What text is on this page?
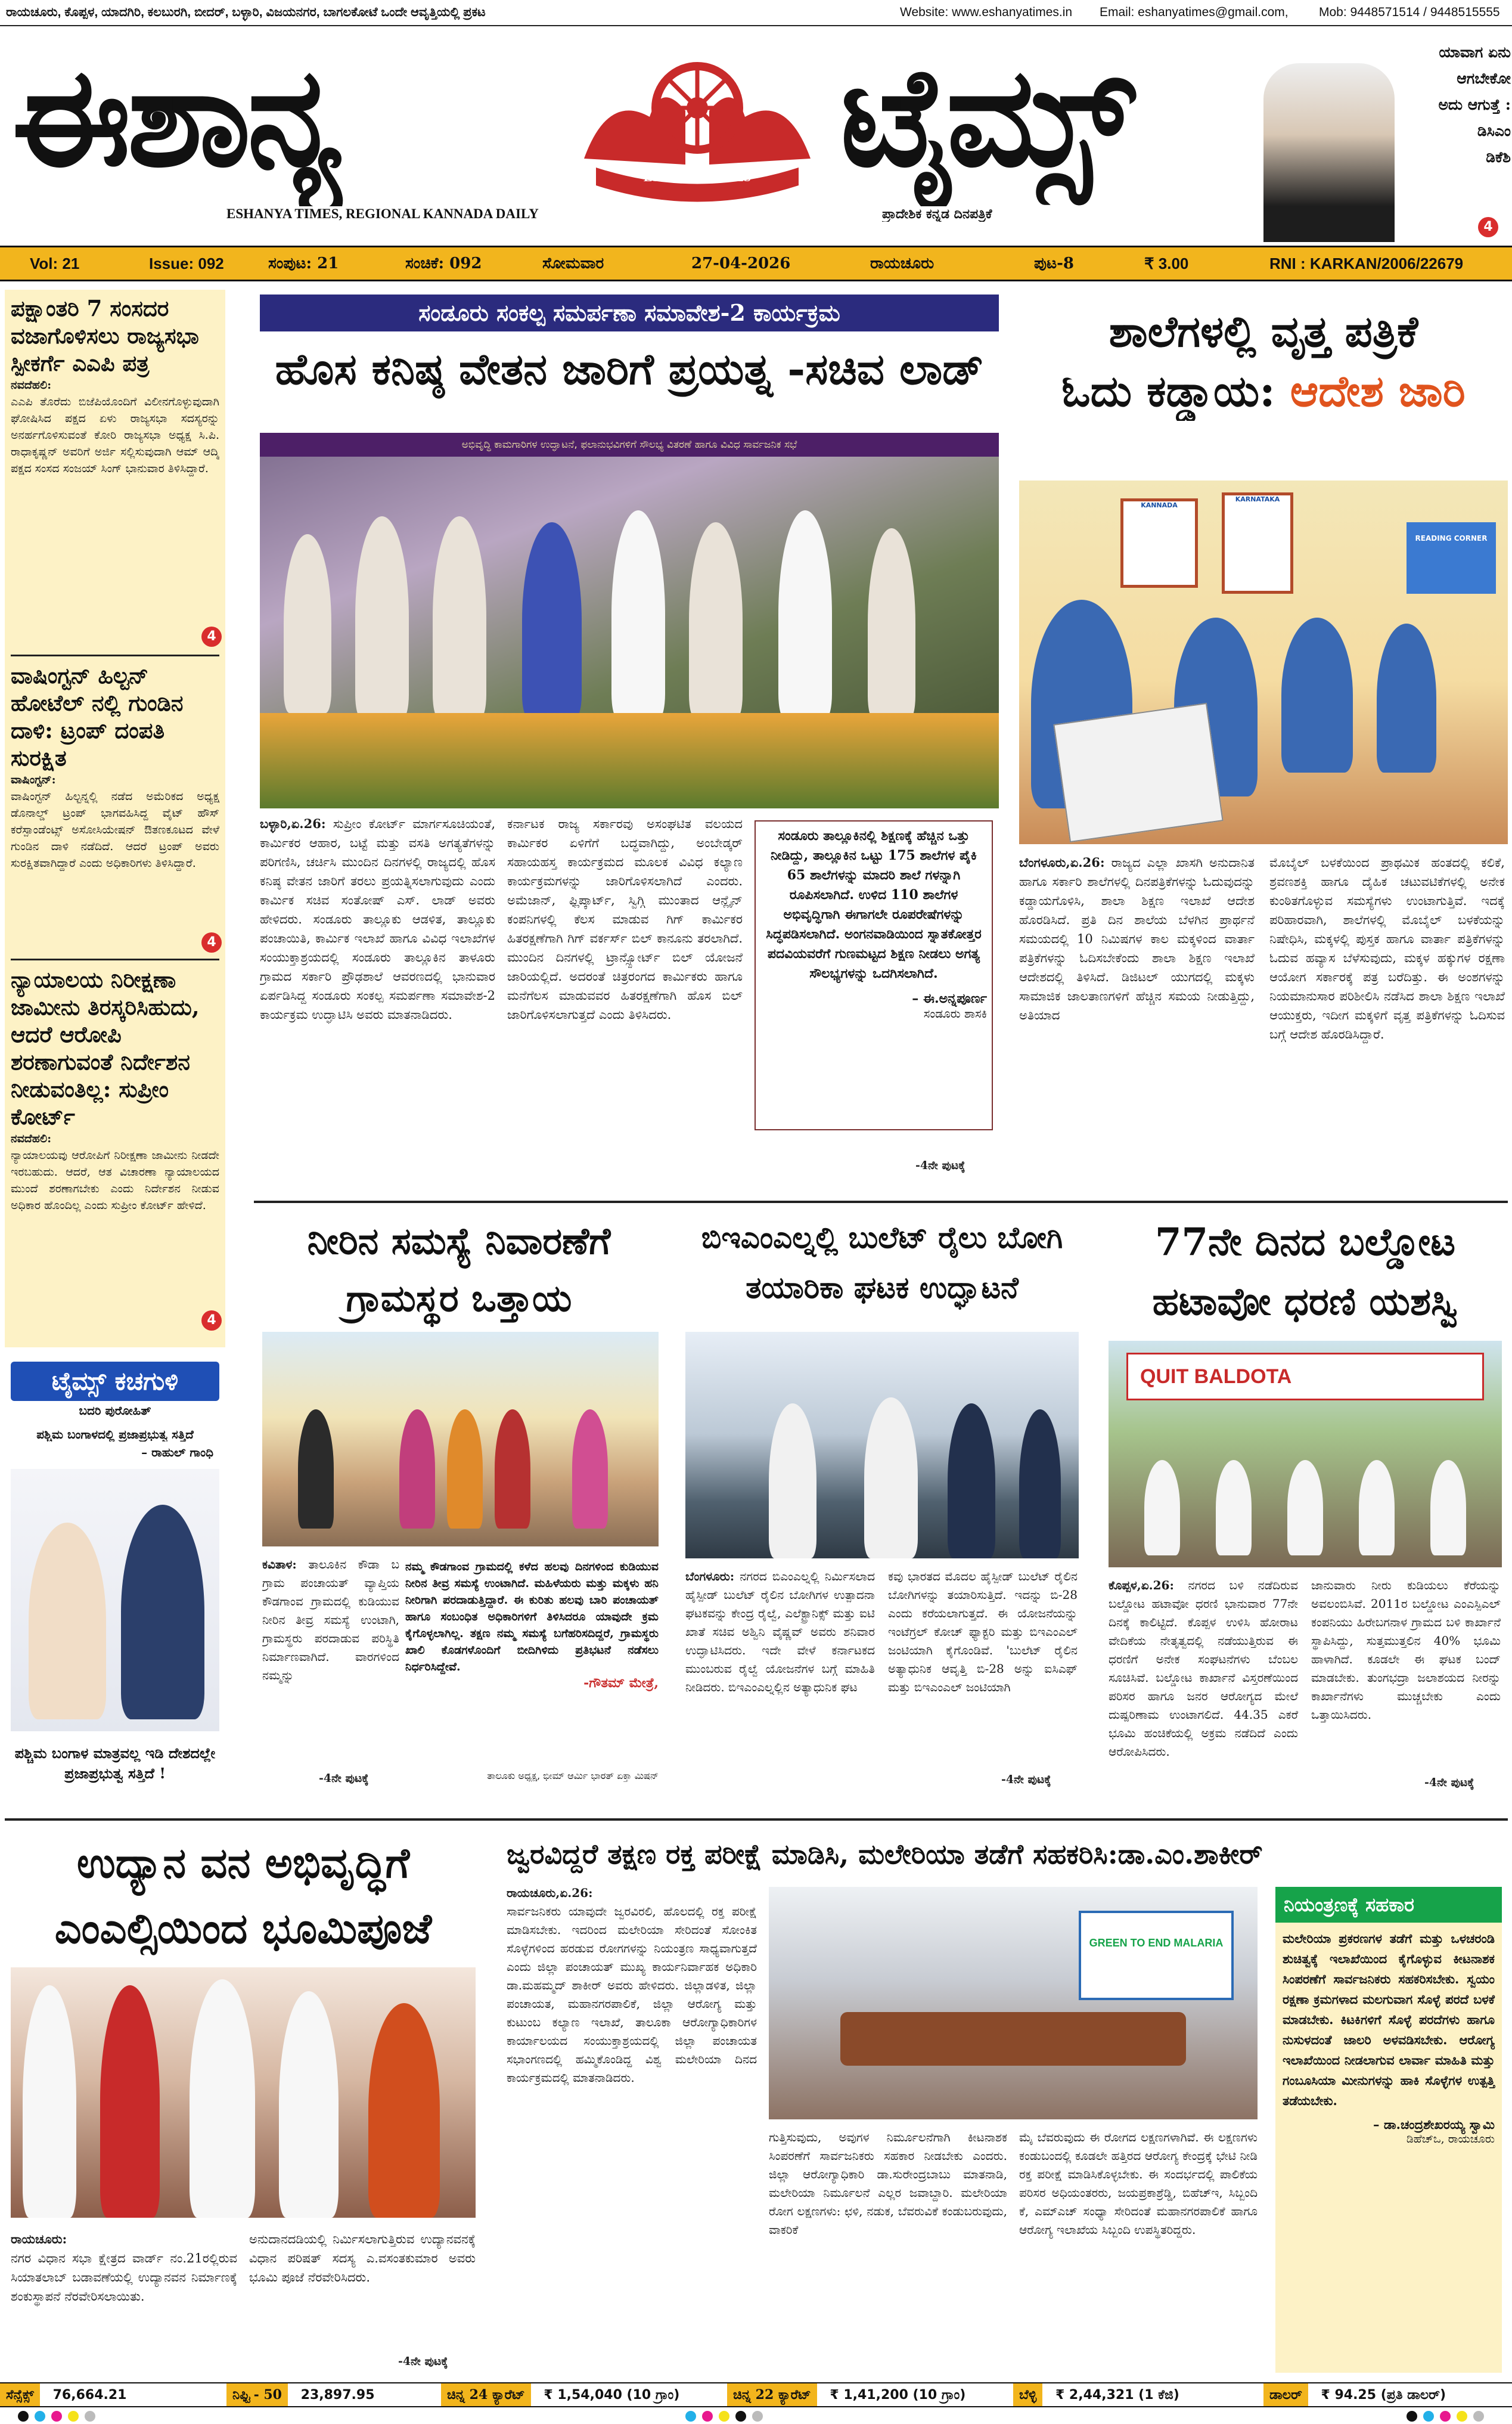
ರಾಯಚೂರು, ಕೊಪ್ಪಳ, ಯಾದಗಿರಿ, ಕಲಬುರಗಿ, ಬೀದರ್, ಬಳ್ಳಾರಿ, ವಿಜಯನಗರ, ಬಾಗಲಕೋಟೆ ಒಂದೇ ಆವೃತ್ತಿಯಲ್ಲಿ ಪ್ರಕಟ	Website: www.eshanyatimes.in	Email: eshanyatimes@gmail.com,	Mob: 9448571514 / 9448515555
ಈಶಾನ್ಯ	ESHANYA TIMES ಟೈಮ್ಸ್
ESHANYA TIMES, REGIONAL KANNADA DAILY	ಪ್ರಾದೇಶಿಕ ಕನ್ನಡ ದಿನಪತ್ರಿಕೆ
ಯಾವಾಗ ಏನು
ಆಗಬೇಕೋ
ಅದು ಆಗುತ್ತೆ :
ಡಿಸಿಎಂ
ಡಿಕೆಶಿ
4
Vol: 21	Issue: 092	ಸಂಪುಟ: 21	ಸಂಚಿಕೆ: 092	ಸೋಮವಾರ	27-04-2026	ರಾಯಚೂರು	ಪುಟ-8	₹ 3.00	RNI : KARKAN/2006/22679
ಪಕ್ಷಾಂತರಿ 7 ಸಂಸದರ ವಜಾಗೊಳಿಸಲು ರಾಜ್ಯಸಭಾ ಸ್ಪೀಕರ್ಗೆ ಎಎಪಿ ಪತ್ರ
ನವದೆಹಲಿ:
ಎಎಪಿ ತೊರೆದು ಬಿಜೆಪಿಯೊಂದಿಗೆ ವಿಲೀನಗೊಳ್ಳುವುದಾಗಿ ಘೋಷಿಸಿದ ಪಕ್ಷದ ಏಳು ರಾಜ್ಯಸಭಾ ಸದಸ್ಯರನ್ನು ಅನರ್ಹಗೊಳಿಸುವಂತೆ ಕೋರಿ ರಾಜ್ಯಸಭಾ ಅಧ್ಯಕ್ಷ ಸಿ.ಪಿ. ರಾಧಾಕೃಷ್ಣನ್ ಅವರಿಗೆ ಅರ್ಜಿ ಸಲ್ಲಿಸುವುದಾಗಿ ಆಮ್ ಆದ್ಮಿ ಪಕ್ಷದ ಸಂಸದ ಸಂಜಯ್ ಸಿಂಗ್ ಭಾನುವಾರ ತಿಳಿಸಿದ್ದಾರೆ.
4
ವಾಷಿಂಗ್ಟನ್ ಹಿಲ್ಟನ್ ಹೋಟೆಲ್ ನಲ್ಲಿ ಗುಂಡಿನ ದಾಳಿ: ಟ್ರಂಪ್ ದಂಪತಿ ಸುರಕ್ಷಿತ
ವಾಷಿಂಗ್ಟನ್:
ವಾಷಿಂಗ್ಟನ್ ಹಿಲ್ಟನ್ನಲ್ಲಿ ನಡೆದ ಅಮೆರಿಕದ ಅಧ್ಯಕ್ಷ ಡೊನಾಲ್ಡ್ ಟ್ರಂಪ್ ಭಾಗವಹಿಸಿದ್ದ ವೈಟ್ ಹೌಸ್ ಕರೆಸ್ಪಾಂಡೆಂಟ್ಸ್ ಅಸೋಸಿಯೇಷನ್ ಔತಣಕೂಟದ ವೇಳೆ ಗುಂಡಿನ ದಾಳಿ ನಡೆದಿದೆ. ಆದರೆ ಟ್ರಂಪ್ ಅವರು ಸುರಕ್ಷಿತವಾಗಿದ್ದಾರೆ ಎಂದು ಅಧಿಕಾರಿಗಳು ತಿಳಿಸಿದ್ದಾರೆ.
4
ನ್ಯಾಯಾಲಯ ನಿರೀಕ್ಷಣಾ ಜಾಮೀನು ತಿರಸ್ಕರಿಸಿಹುದು, ಆದರೆ ಆರೋಪಿ ಶರಣಾಗುವಂತೆ ನಿರ್ದೇಶನ ನೀಡುವಂತಿಲ್ಲ: ಸುಪ್ರೀಂ ಕೋರ್ಟ್
ನವದೆಹಲಿ:
ನ್ಯಾಯಾಲಯವು ಆರೋಪಿಗೆ ನಿರೀಕ್ಷಣಾ ಜಾಮೀನು ನೀಡದೇ ಇರಬಹುದು. ಆದರೆ, ಆತ ವಿಚಾರಣಾ ನ್ಯಾಯಾಲಯದ ಮುಂದೆ ಶರಣಾಗಬೇಕು ಎಂದು ನಿರ್ದೇಶನ ನೀಡುವ ಅಧಿಕಾರ ಹೊಂದಿಲ್ಲ ಎಂದು ಸುಪ್ರೀಂ ಕೋರ್ಟ್ ಹೇಳಿದೆ.
4
ಟೈಮ್ಸ್ ಕಚಗುಳಿ
ಬದರಿ ಪುರೋಹಿತ್
ಪಶ್ಚಿಮ ಬಂಗಾಳದಲ್ಲಿ ಪ್ರಜಾಪ್ರಭುತ್ವ ಸತ್ತಿದೆ
– ರಾಹುಲ್ ಗಾಂಧಿ
ಪಶ್ಚಿಮ ಬಂಗಾಳ ಮಾತ್ರವಲ್ಲ ಇಡಿ ದೇಶದಲ್ಲೇ ಪ್ರಜಾಪ್ರಭುತ್ವ ಸತ್ತಿದೆ !
ಸಂಡೂರು ಸಂಕಲ್ಪ ಸಮರ್ಪಣಾ ಸಮಾವೇಶ-2 ಕಾರ್ಯಕ್ರಮ
ಹೊಸ ಕನಿಷ್ಠ ವೇತನ ಜಾರಿಗೆ ಪ್ರಯತ್ನ -ಸಚಿವ ಲಾಡ್
ಅಭಿವೃದ್ಧಿ ಕಾಮಗಾರಿಗಳ ಉದ್ಘಾಟನೆ, ಫಲಾನುಭವಿಗಳಿಗೆ ಸೌಲಭ್ಯ ವಿತರಣೆ ಹಾಗೂ ವಿವಿಧ ಸಾರ್ವಜನಿಕ ಸಭೆ
ಬಳ್ಳಾರಿ,ಏ.26: ಸುಪ್ರೀಂ ಕೋರ್ಟ್ ಮಾರ್ಗಸೂಚಿಯಂತೆ, ಕಾರ್ಮಿಕರ ಆಹಾರ, ಬಟ್ಟೆ ಮತ್ತು ವಸತಿ ಅಗತ್ಯತೆಗಳನ್ನು ಪರಿಗಣಿಸಿ, ಚರ್ಚಿಸಿ ಮುಂದಿನ ದಿನಗಳಲ್ಲಿ ರಾಜ್ಯದಲ್ಲಿ ಹೊಸ ಕನಿಷ್ಠ ವೇತನ ಜಾರಿಗೆ ತರಲು ಪ್ರಯತ್ನಿಸಲಾಗುವುದು ಎಂದು ಕಾರ್ಮಿಕ ಸಚಿವ ಸಂತೋಷ್ ಎಸ್. ಲಾಡ್ ಅವರು ಹೇಳಿದರು. ಸಂಡೂರು ತಾಲ್ಲೂಕು ಆಡಳಿತ, ತಾಲ್ಲೂಕು ಪಂಚಾಯಿತಿ, ಕಾರ್ಮಿಕ ಇಲಾಖೆ ಹಾಗೂ ವಿವಿಧ ಇಲಾಖೆಗಳ ಸಂಯುಕ್ತಾಶ್ರಯದಲ್ಲಿ ಸಂಡೂರು ತಾಲ್ಲೂಕಿನ ತಾಳೂರು ಗ್ರಾಮದ ಸರ್ಕಾರಿ ಪ್ರೌಢಶಾಲೆ ಆವರಣದಲ್ಲಿ ಭಾನುವಾರ ಏರ್ಪಡಿಸಿದ್ದ ಸಂಡೂರು ಸಂಕಲ್ಪ ಸಮರ್ಪಣಾ ಸಮಾವೇಶ-2 ಕಾರ್ಯಕ್ರಮ ಉದ್ಘಾಟಿಸಿ ಅವರು ಮಾತನಾಡಿದರು.
ಕರ್ನಾಟಕ ರಾಜ್ಯ ಸರ್ಕಾರವು ಅಸಂಘಟಿತ ವಲಯದ ಕಾರ್ಮಿಕರ ಏಳಿಗೆಗೆ ಬದ್ಧವಾಗಿದ್ದು, ಅಂಬೇಡ್ಕರ್ ಸಹಾಯಹಸ್ತ ಕಾರ್ಯಕ್ರಮದ ಮೂಲಕ ವಿವಿಧ ಕಲ್ಯಾಣ ಕಾರ್ಯಕ್ರಮಗಳನ್ನು ಜಾರಿಗೊಳಿಸಲಾಗಿದೆ ಎಂದರು. ಅಮೆಜಾನ್, ಫ್ಲಿಪ್ಕಾರ್ಟ್, ಸ್ವಿಗ್ಗಿ ಮುಂತಾದ ಆನ್ಲೈನ್ ಕಂಪನಿಗಳಲ್ಲಿ ಕೆಲಸ ಮಾಡುವ ಗಿಗ್ ಕಾರ್ಮಿಕರ ಹಿತರಕ್ಷಣೆಗಾಗಿ ಗಿಗ್ ವರ್ಕರ್ಸ್ ಬಿಲ್ ಕಾನೂನು ತರಲಾಗಿದೆ. ಮುಂದಿನ ದಿನಗಳಲ್ಲಿ ಟ್ರಾನ್ಸ್ಪೋರ್ಟ್ ಬಿಲ್ ಯೋಜನೆ ಜಾರಿಯಲ್ಲಿದೆ. ಅದರಂತೆ ಚಿತ್ರರಂಗದ ಕಾರ್ಮಿಕರು ಹಾಗೂ ಮನೆಗೆಲಸ ಮಾಡುವವರ ಹಿತರಕ್ಷಣೆಗಾಗಿ ಹೊಸ ಬಿಲ್ ಜಾರಿಗೊಳಿಸಲಾಗುತ್ತದೆ ಎಂದು ತಿಳಿಸಿದರು.
ಸಂಡೂರು ತಾಲ್ಲೂಕಿನಲ್ಲಿ ಶಿಕ್ಷಣಕ್ಕೆ ಹೆಚ್ಚಿನ ಒತ್ತು ನೀಡಿದ್ದು, ತಾಲ್ಲೂಕಿನ ಒಟ್ಟು 175 ಶಾಲೆಗಳ ಪೈಕಿ 65 ಶಾಲೆಗಳನ್ನು ಮಾದರಿ ಶಾಲೆ ಗಳನ್ನಾಗಿ ರೂಪಿಸಲಾಗಿದೆ. ಉಳಿದ 110 ಶಾಲೆಗಳ ಅಭಿವೃದ್ಧಿಗಾಗಿ ಈಗಾಗಲೇ ರೂಪರೇಷೆಗಳನ್ನು ಸಿದ್ಧಪಡಿಸಲಾಗಿದೆ. ಅಂಗನವಾಡಿಯಿಂದ ಸ್ನಾತಕೋತ್ತರ ಪದವಿಯವರೆಗೆ ಗುಣಮಟ್ಟದ ಶಿಕ್ಷಣ ನೀಡಲು ಅಗತ್ಯ ಸೌಲಭ್ಯಗಳನ್ನು ಒದಗಿಸಲಾಗಿದೆ.
– ಈ.ಅನ್ನಪೂರ್ಣ
ಸಂಡೂರು ಶಾಸಕಿ
-4ನೇ ಪುಟಕ್ಕೆ
ಶಾಲೆಗಳಲ್ಲಿ ವೃತ್ತ ಪತ್ರಿಕೆ
ಓದು ಕಡ್ಡಾಯ: ಆದೇಶ ಜಾರಿ
KANNADA
KARNATAKA
READING CORNER
ಬೆಂಗಳೂರು,ಏ.26: ರಾಜ್ಯದ ಎಲ್ಲಾ ಖಾಸಗಿ ಅನುದಾನಿತ ಹಾಗೂ ಸರ್ಕಾರಿ ಶಾಲೆಗಳಲ್ಲಿ ದಿನಪತ್ರಿಕೆಗಳನ್ನು ಓದುವುದನ್ನು ಕಡ್ಡಾಯಗೊಳಿಸಿ, ಶಾಲಾ ಶಿಕ್ಷಣ ಇಲಾಖೆ ಆದೇಶ ಹೊರಡಿಸಿದೆ. ಪ್ರತಿ ದಿನ ಶಾಲೆಯ ಬೆಳಗಿನ ಪ್ರಾರ್ಥನೆ ಸಮಯದಲ್ಲಿ 10 ನಿಮಿಷಗಳ ಕಾಲ ಮಕ್ಕಳಿಂದ ವಾರ್ತಾ ಪತ್ರಿಕೆಗಳನ್ನು ಓದಿಸಬೇಕೆಂದು ಶಾಲಾ ಶಿಕ್ಷಣ ಇಲಾಖೆ ಆದೇಶದಲ್ಲಿ ತಿಳಿಸಿದೆ. ಡಿಜಿಟಲ್ ಯುಗದಲ್ಲಿ ಮಕ್ಕಳು ಸಾಮಾಜಿಕ ಜಾಲತಾಣಗಳಿಗೆ ಹೆಚ್ಚಿನ ಸಮಯ ನೀಡುತ್ತಿದ್ದು, ಅತಿಯಾದ
ಮೊಬೈಲ್ ಬಳಕೆಯಿಂದ ಪ್ರಾಥಮಿಕ ಹಂತದಲ್ಲಿ ಕಲಿಕೆ, ಶ್ರವಣಶಕ್ತಿ ಹಾಗೂ ದೈಹಿಕ ಚಟುವಟಿಕೆಗಳಲ್ಲಿ ಅನೇಕ ಕುಂಠಿತಗೊಳ್ಳುವ ಸಮಸ್ಯೆಗಳು ಉಂಟಾಗುತ್ತಿವೆ. ಇದಕ್ಕೆ ಪರಿಹಾರವಾಗಿ, ಶಾಲೆಗಳಲ್ಲಿ ಮೊಬೈಲ್ ಬಳಕೆಯನ್ನು ನಿಷೇಧಿಸಿ, ಮಕ್ಕಳಲ್ಲಿ ಪುಸ್ತಕ ಹಾಗೂ ವಾರ್ತಾ ಪತ್ರಿಕೆಗಳನ್ನು ಓದುವ ಹವ್ಯಾಸ ಬೆಳೆಸುವುದು, ಮಕ್ಕಳ ಹಕ್ಕುಗಳ ರಕ್ಷಣಾ ಆಯೋಗ ಸರ್ಕಾರಕ್ಕೆ ಪತ್ರ ಬರೆದಿತ್ತು. ಈ ಅಂಶಗಳನ್ನು ನಿಯಮಾನುಸಾರ ಪರಿಶೀಲಿಸಿ ನಡೆಸಿದ ಶಾಲಾ ಶಿಕ್ಷಣ ಇಲಾಖೆ ಆಯುಕ್ತರು, ಇದೀಗ ಮಕ್ಕಳಿಗೆ ವೃತ್ತ ಪತ್ರಿಕೆಗಳನ್ನು ಓದಿಸುವ ಬಗ್ಗೆ ಆದೇಶ ಹೊರಡಿಸಿದ್ದಾರೆ.
ನೀರಿನ ಸಮಸ್ಯೆ ನಿವಾರಣೆಗೆ ಗ್ರಾಮಸ್ಥರ ಒತ್ತಾಯ
ಕವಿತಾಳ: ತಾಲೂಕಿನ ಕೌಡಾ ಬ ಗ್ರಾಮ ಪಂಚಾಯತ್ ವ್ಯಾಪ್ತಿಯ ಕೌಡಗಾಂವ ಗ್ರಾಮದಲ್ಲಿ ಕುಡಿಯುವ ನೀರಿನ ತೀವ್ರ ಸಮಸ್ಯೆ ಉಂಟಾಗಿ, ಗ್ರಾಮಸ್ಥರು ಪರದಾಡುವ ಪರಿಸ್ಥಿತಿ ನಿರ್ಮಾಣವಾಗಿದೆ. ವಾರಗಳಿಂದ ನಮ್ಮನ್ನು
ನಮ್ಮ ಕೌಡಗಾಂವ ಗ್ರಾಮದಲ್ಲಿ ಕಳೆದ ಹಲವು ದಿನಗಳಿಂದ ಕುಡಿಯುವ ನೀರಿನ ತೀವ್ರ ಸಮಸ್ಯೆ ಉಂಟಾಗಿದೆ. ಮಹಿಳೆಯರು ಮತ್ತು ಮಕ್ಕಳು ಹನಿ ನೀರಿಗಾಗಿ ಪರದಾಡುತ್ತಿದ್ದಾರೆ. ಈ ಕುರಿತು ಹಲವು ಬಾರಿ ಪಂಚಾಯತ್ ಹಾಗೂ ಸಂಬಂಧಿತ ಅಧಿಕಾರಿಗಳಿಗೆ ತಿಳಿಸಿದರೂ ಯಾವುದೇ ಕ್ರಮ ಕೈಗೊಳ್ಳಲಾಗಿಲ್ಲ. ತಕ್ಷಣ ನಮ್ಮ ಸಮಸ್ಯೆ ಬಗೆಹರಿಸದಿದ್ದರೆ, ಗ್ರಾಮಸ್ಥರು ಖಾಲಿ ಕೊಡಗಳೊಂದಿಗೆ ಬೀದಿಗಿಳಿದು ಪ್ರತಿಭಟನೆ ನಡೆಸಲು ನಿರ್ಧರಿಸಿದ್ದೇವೆ.
-ಗೌತಮ್ ಮೇತ್ರೆ,
ತಾಲೂಕು ಅಧ್ಯಕ್ಷ, ಭೀಮ್ ಆರ್ಮಿ ಭಾರತ್ ಏಕ್ತಾ ಮಿಷನ್
-4ನೇ ಪುಟಕ್ಕೆ
ಬಿಇಎಂಎಲ್ನಲ್ಲಿ ಬುಲೆಟ್ ರೈಲು ಬೋಗಿ ತಯಾರಿಕಾ ಘಟಕ ಉದ್ಘಾಟನೆ
ಬೆಂಗಳೂರು: ನಗರದ ಬಿಎಂಎಲ್ನಲ್ಲಿ ನಿರ್ಮಿಸಲಾದ ಹೈಸ್ಪೀಡ್ ಬುಲೆಟ್ ರೈಲಿನ ಬೋಗಿಗಳ ಉತ್ಪಾದನಾ ಘಟಕವನ್ನು ಕೇಂದ್ರ ರೈಲ್ವೆ, ಎಲೆಕ್ಟ್ರಾನಿಕ್ಸ್ ಮತ್ತು ಐಟಿ ಖಾತೆ ಸಚಿವ ಅಶ್ವಿನಿ ವೈಷ್ಣವ್ ಅವರು ಶನಿವಾರ ಉದ್ಘಾಟಿಸಿದರು. ಇದೇ ವೇಳೆ ಕರ್ನಾಟಕದ ಮುಂಬರುವ ರೈಲ್ವೆ ಯೋಜನೆಗಳ ಬಗ್ಗೆ ಮಾಹಿತಿ ನೀಡಿದರು. ಬಿಇಎಂಎಲ್ನಲ್ಲಿನ ಅತ್ಯಾಧುನಿಕ ಘಟ
ಕವು ಭಾರತದ ಮೊದಲ ಹೈಸ್ಪೀಡ್ ಬುಲೆಟ್ ರೈಲಿನ ಬೋಗಿಗಳನ್ನು ತಯಾರಿಸುತ್ತಿದೆ. ಇದನ್ನು ಬಿ-28 ಎಂದು ಕರೆಯಲಾಗುತ್ತದೆ. ಈ ಯೋಜನೆಯನ್ನು ಇಂಟೆಗ್ರಲ್ ಕೋಚ್ ಫ್ಯಾಕ್ಟರಿ ಮತ್ತು ಬಿಇಎಂಎಲ್ ಜಂಟಿಯಾಗಿ ಕೈಗೊಂಡಿವೆ. 'ಬುಲೆಟ್ ರೈಲಿನ ಅತ್ಯಾಧುನಿಕ ಆವೃತ್ತಿ ಬಿ-28 ಅನ್ನು ಐಸಿಎಫ್ ಮತ್ತು ಬಿಇಎಂಎಲ್ ಜಂಟಿಯಾಗಿ
-4ನೇ ಪುಟಕ್ಕೆ
77ನೇ ದಿನದ ಬಲ್ಡೋಟ ಹಟಾವೋ ಧರಣಿ ಯಶಸ್ವಿ
QUIT BALDOTA
ಕೊಪ್ಪಳ,ಏ.26: ನಗರದ ಬಳಿ ನಡೆದಿರುವ ಬಲ್ಡೋಟ ಹಟಾವೋ ಧರಣಿ ಭಾನುವಾರ 77ನೇ ದಿನಕ್ಕೆ ಕಾಲಿಟ್ಟಿದೆ. ಕೊಪ್ಪಳ ಉಳಿಸಿ ಹೋರಾಟ ವೇದಿಕೆಯ ನೇತೃತ್ವದಲ್ಲಿ ನಡೆಯುತ್ತಿರುವ ಈ ಧರಣಿಗೆ ಅನೇಕ ಸಂಘಟನೆಗಳು ಬೆಂಬಲ ಸೂಚಿಸಿವೆ. ಬಲ್ಡೋಟ ಕಾರ್ಖಾನೆ ವಿಸ್ತರಣೆಯಿಂದ ಪರಿಸರ ಹಾಗೂ ಜನರ ಆರೋಗ್ಯದ ಮೇಲೆ ದುಷ್ಪರಿಣಾಮ ಉಂಟಾಗಲಿದೆ. 44.35 ಎಕರೆ ಭೂಮಿ ಹಂಚಿಕೆಯಲ್ಲಿ ಅಕ್ರಮ ನಡೆದಿದೆ ಎಂದು ಆರೋಪಿಸಿದರು.
ಜಾನುವಾರು ನೀರು ಕುಡಿಯಲು ಕೆರೆಯನ್ನು ಅವಲಂಬಿಸಿವೆ. 2011ರ ಬಲ್ಡೋಟ ಎಂಎಸ್ಪಿಎಲ್ ಕಂಪನಿಯು ಹಿರೇಬಗನಾಳ ಗ್ರಾಮದ ಬಳಿ ಕಾರ್ಖಾನೆ ಸ್ಥಾಪಿಸಿದ್ದು, ಸುತ್ತಮುತ್ತಲಿನ 40% ಭೂಮಿ ಹಾಳಾಗಿದೆ. ಕೂಡಲೇ ಈ ಘಟಕ ಬಂದ್ ಮಾಡಬೇಕು. ತುಂಗಭದ್ರಾ ಜಲಾಶಯದ ನೀರನ್ನು ಕಾರ್ಖಾನೆಗಳು ಮುಚ್ಚಬೇಕು ಎಂದು ಒತ್ತಾಯಿಸಿದರು.
-4ನೇ ಪುಟಕ್ಕೆ
ಉದ್ಯಾನ ವನ ಅಭಿವೃದ್ಧಿಗೆ ಎಂಎಲ್ಸಿಯಿಂದ ಭೂಮಿಪೂಜೆ
ರಾಯಚೂರು:
ನಗರ ವಿಧಾನ ಸಭಾ ಕ್ಷೇತ್ರದ ವಾರ್ಡ್ ನಂ.21ರಲ್ಲಿರುವ ಸಿಯಾತಲಾಬ್ ಬಡಾವಣೆಯಲ್ಲಿ ಉದ್ಯಾನವನ ನಿರ್ಮಾಣಕ್ಕೆ ಶಂಕುಸ್ಥಾಪನೆ ನೆರವೇರಿಸಲಾಯಿತು.
ಅನುದಾನದಡಿಯಲ್ಲಿ ನಿರ್ಮಿಸಲಾಗುತ್ತಿರುವ ಉದ್ಯಾನವನಕ್ಕೆ ವಿಧಾನ ಪರಿಷತ್ ಸದಸ್ಯ ಎ.ವಸಂತಕುಮಾರ ಅವರು ಭೂಮಿ ಪೂಜೆ ನೆರವೇರಿಸಿದರು.
-4ನೇ ಪುಟಕ್ಕೆ
ಜ್ವರವಿದ್ದರೆ ತಕ್ಷಣ ರಕ್ತ ಪರೀಕ್ಷೆ ಮಾಡಿಸಿ, ಮಲೇರಿಯಾ ತಡೆಗೆ ಸಹಕರಿಸಿ:ಡಾ.ಎಂ.ಶಾಕೀರ್
ರಾಯಚೂರು,ಏ.26:
ಸಾರ್ವಜನಿಕರು ಯಾವುದೇ ಜ್ವರವಿರಲಿ, ಹೊಲದಲ್ಲಿ ರಕ್ತ ಪರೀಕ್ಷೆ ಮಾಡಿಸಬೇಕು. ಇದರಿಂದ ಮಲೇರಿಯಾ ಸೇರಿದಂತೆ ಸೋಂಕಿತ ಸೊಳ್ಳೆಗಳಿಂದ ಹರಡುವ ರೋಗಗಳನ್ನು ನಿಯಂತ್ರಣ ಸಾಧ್ಯವಾಗುತ್ತದೆ ಎಂದು ಜಿಲ್ಲಾ ಪಂಚಾಯತ್ ಮುಖ್ಯ ಕಾರ್ಯನಿರ್ವಾಹಕ ಅಧಿಕಾರಿ ಡಾ.ಮಹಮ್ಮದ್ ಶಾಕೀರ್ ಅವರು ಹೇಳಿದರು. ಜಿಲ್ಲಾಡಳಿತ, ಜಿಲ್ಲಾ ಪಂಚಾಯತ, ಮಹಾನಗರಪಾಲಿಕೆ, ಜಿಲ್ಲಾ ಆರೋಗ್ಯ ಮತ್ತು ಕುಟುಂಬ ಕಲ್ಯಾಣ ಇಲಾಖೆ, ತಾಲೂಕಾ ಆರೋಗ್ಯಾಧಿಕಾರಿಗಳ ಕಾರ್ಯಾಲಯದ ಸಂಯುಕ್ತಾಶ್ರಯದಲ್ಲಿ ಜಿಲ್ಲಾ ಪಂಚಾಯತ ಸಭಾಂಗಣದಲ್ಲಿ ಹಮ್ಮಿಕೊಂಡಿದ್ದ ವಿಶ್ವ ಮಲೇರಿಯಾ ದಿನದ ಕಾರ್ಯಕ್ರಮದಲ್ಲಿ ಮಾತನಾಡಿದರು.
GREEN TO END MALARIA
ಗುತ್ತಿಸುವುದು, ಅವುಗಳ ನಿರ್ಮೂಲನೆಗಾಗಿ ಕೀಟನಾಶಕ ಸಿಂಪರಣೆಗೆ ಸಾರ್ವಜನಿಕರು ಸಹಕಾರ ನೀಡಬೇಕು ಎಂದರು. ಜಿಲ್ಲಾ ಆರೋಗ್ಯಾಧಿಕಾರಿ ಡಾ.ಸುರೇಂದ್ರಬಾಬು ಮಾತನಾಡಿ, ಮಲೇರಿಯಾ ನಿರ್ಮೂಲನೆ ಎಲ್ಲರ ಜವಾಬ್ದಾರಿ. ಮಲೇರಿಯಾ ರೋಗ ಲಕ್ಷಣಗಳು: ಛಳಿ, ನಡುಕ, ಬೆವರುವಿಕೆ ಕಂಡುಬರುವುದು, ವಾಕರಿಕೆ
ಮೈ ಬೆವರುವುದು ಈ ರೋಗದ ಲಕ್ಷಣಗಳಾಗಿವೆ. ಈ ಲಕ್ಷಣಗಳು ಕಂಡುಬಂದಲ್ಲಿ ಕೂಡಲೇ ಹತ್ತಿರದ ಆರೋಗ್ಯ ಕೇಂದ್ರಕ್ಕೆ ಭೇಟಿ ನೀಡಿ ರಕ್ತ ಪರೀಕ್ಷೆ ಮಾಡಿಸಿಕೊಳ್ಳಬೇಕು. ಈ ಸಂದರ್ಭದಲ್ಲಿ ಪಾಲಿಕೆಯ ಪರಿಸರ ಅಧಿಯಂತರರು, ಜಯಪ್ರಕಾಶ್ರೆಡ್ಡಿ, ಬಿಹೆಚ್ಇ, ಸಿಬ್ಬಂದಿ ಕೆ, ಎಮ್ಎಚ್ ಸಂಧ್ಯಾ ಸೇರಿದಂತೆ ಮಹಾನಗರಪಾಲಿಕೆ ಹಾಗೂ ಆರೋಗ್ಯ ಇಲಾಖೆಯ ಸಿಬ್ಬಂದಿ ಉಪಸ್ಥಿತರಿದ್ದರು.
ನಿಯಂತ್ರಣಕ್ಕೆ ಸಹಕಾರ
ಮಲೇರಿಯಾ ಪ್ರಕರಣಗಳ ತಡೆಗೆ ಮತ್ತು ಒಳಚರಂಡಿ ಶುಚಿತ್ವಕ್ಕೆ ಇಲಾಖೆಯಿಂದ ಕೈಗೊಳ್ಳುವ ಕೀಟನಾಶಕ ಸಿಂಪರಣೆಗೆ ಸಾರ್ವಜನಿಕರು ಸಹಕರಿಸಬೇಕು. ಸ್ವಯಂ ರಕ್ಷಣಾ ಕ್ರಮಗಳಾದ ಮಲಗುವಾಗ ಸೊಳ್ಳೆ ಪರದೆ ಬಳಕೆ ಮಾಡಬೇಕು. ಕಿಟಕಿಗಳಿಗೆ ಸೊಳ್ಳೆ ಪರದೆಗಳು ಹಾಗೂ ನುಸುಳದಂತೆ ಜಾಲರಿ ಅಳವಡಿಸಬೇಕು. ಆರೋಗ್ಯ ಇಲಾಖೆಯಿಂದ ನೀಡಲಾಗುವ ಲಾರ್ವಾ ಮಾಹಿತಿ ಮತ್ತು ಗಂಬೂಸಿಯಾ ಮೀನುಗಳನ್ನು ಹಾಕಿ ಸೊಳ್ಳೆಗಳ ಉತ್ಪತ್ತಿ ತಡೆಯಬೇಕು.
– ಡಾ.ಚಂದ್ರಶೇಖರಯ್ಯ ಸ್ವಾಮಿ
ಡಿಹೆಚ್ಒ, ರಾಯಚೂರು
ಸೆನ್ಸೆಕ್ಸ್ 76,664.21	ನಿಫ್ಟಿ - 50 23,897.95	ಚಿನ್ನ 24 ಕ್ಯಾರೆಟ್ ₹ 1,54,040 (10 ಗ್ರಾಂ)	ಚಿನ್ನ 22 ಕ್ಯಾರೆಟ್ ₹ 1,41,200 (10 ಗ್ರಾಂ)	ಬೆಳ್ಳಿ ₹ 2,44,321 (1 ಕೆಜಿ)	ಡಾಲರ್ ₹ 94.25 (ಪ್ರತಿ ಡಾಲರ್)
